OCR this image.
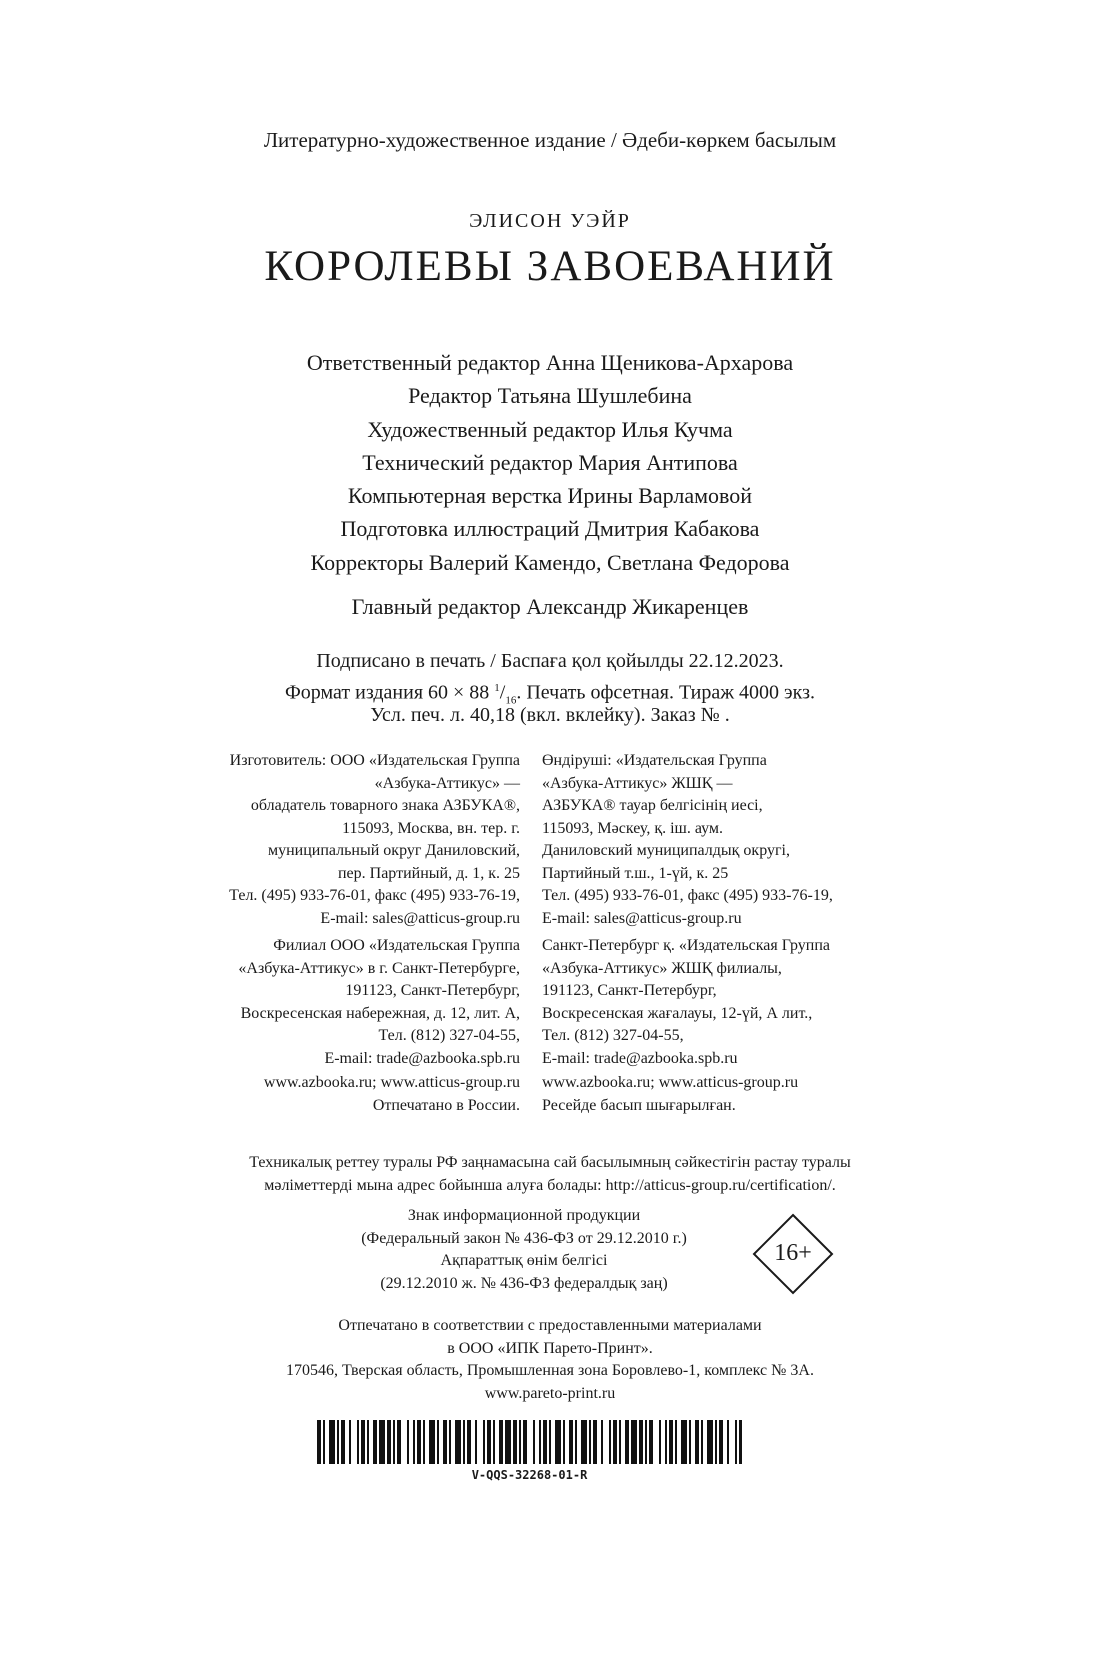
Литературно-художественное издание / Әдеби-көркем басылым
ЭЛИСОН УЭЙР
КОРОЛЕВЫ ЗАВОЕВАНИЙ
Ответственный редактор Анна Щеникова-Архарова
Редактор Татьяна Шушлебина
Художественный редактор Илья Кучма
Технический редактор Мария Антипова
Компьютерная верстка Ирины Варламовой
Подготовка иллюстраций Дмитрия Кабакова
Корректоры Валерий Камендо, Светлана Федорова
Главный редактор Александр Жикаренцев
Подписано в печать / Баспаға қол қойылды 22.12.2023.
Формат издания 60 × 88 $^1/_{16}$. Печать офсетная. Тираж 4000 экз.
Усл. печ. л. 40,18 (вкл. вклейку). Заказ № .
Изготовитель: ООО «Издательская Группа
«Азбука-Аттикус» —
обладатель товарного знака АЗБУКА®,
115093, Москва, вн. тер. г.
муниципальный округ Даниловский,
пер. Партийный, д. 1, к. 25
Тел. (495) 933-76-01, факс (495) 933-76-19,
E-mail: sales@atticus-group.ru
Өндіруші: «Издательская Группа
«Азбука-Аттикус» ЖШҚ —
АЗБУКА® тауар белгісінің иесі,
115093, Мәскеу, қ. іш. аум.
Даниловский муниципалдық округі,
Партийный т.ш., 1-үй, к. 25
Тел. (495) 933-76-01, факс (495) 933-76-19,
E-mail: sales@atticus-group.ru
Филиал ООО «Издательская Группа
«Азбука-Аттикус» в г. Санкт-Петербурге,
191123, Санкт-Петербург,
Воскресенская набережная, д. 12, лит. А,
Тел. (812) 327-04-55,
E-mail: trade@azbooka.spb.ru
Санкт-Петербург қ. «Издательская Группа
«Азбука-Аттикус» ЖШҚ филиалы,
191123, Санкт-Петербург,
Воскресенская жағалауы, 12-үй, А лит.,
Тел. (812) 327-04-55,
E-mail: trade@azbooka.spb.ru
www.azbooka.ru; www.atticus-group.ru
Отпечатано в России.
www.azbooka.ru; www.atticus-group.ru
Ресейде басып шығарылған.
Техникалық реттеу туралы РФ заңнамасына сай басылымның сәйкестігін растау туралы
мәліметтерді мына адрес бойынша алуға болады: http://atticus-group.ru/certification/.
Знак информационной продукции
(Федеральный закон № 436-ФЗ от 29.12.2010 г.)
Ақпараттық өнім белгісі
(29.12.2010 ж. № 436-ФЗ федералдық заң)
16+
Отпечатано в соответствии с предоставленными материалами
в ООО «ИПК Парето-Принт».
170546, Тверская область, Промышленная зона Боровлево-1, комплекс № 3А.
www.pareto-print.ru
V-QQS-32268-01-R
